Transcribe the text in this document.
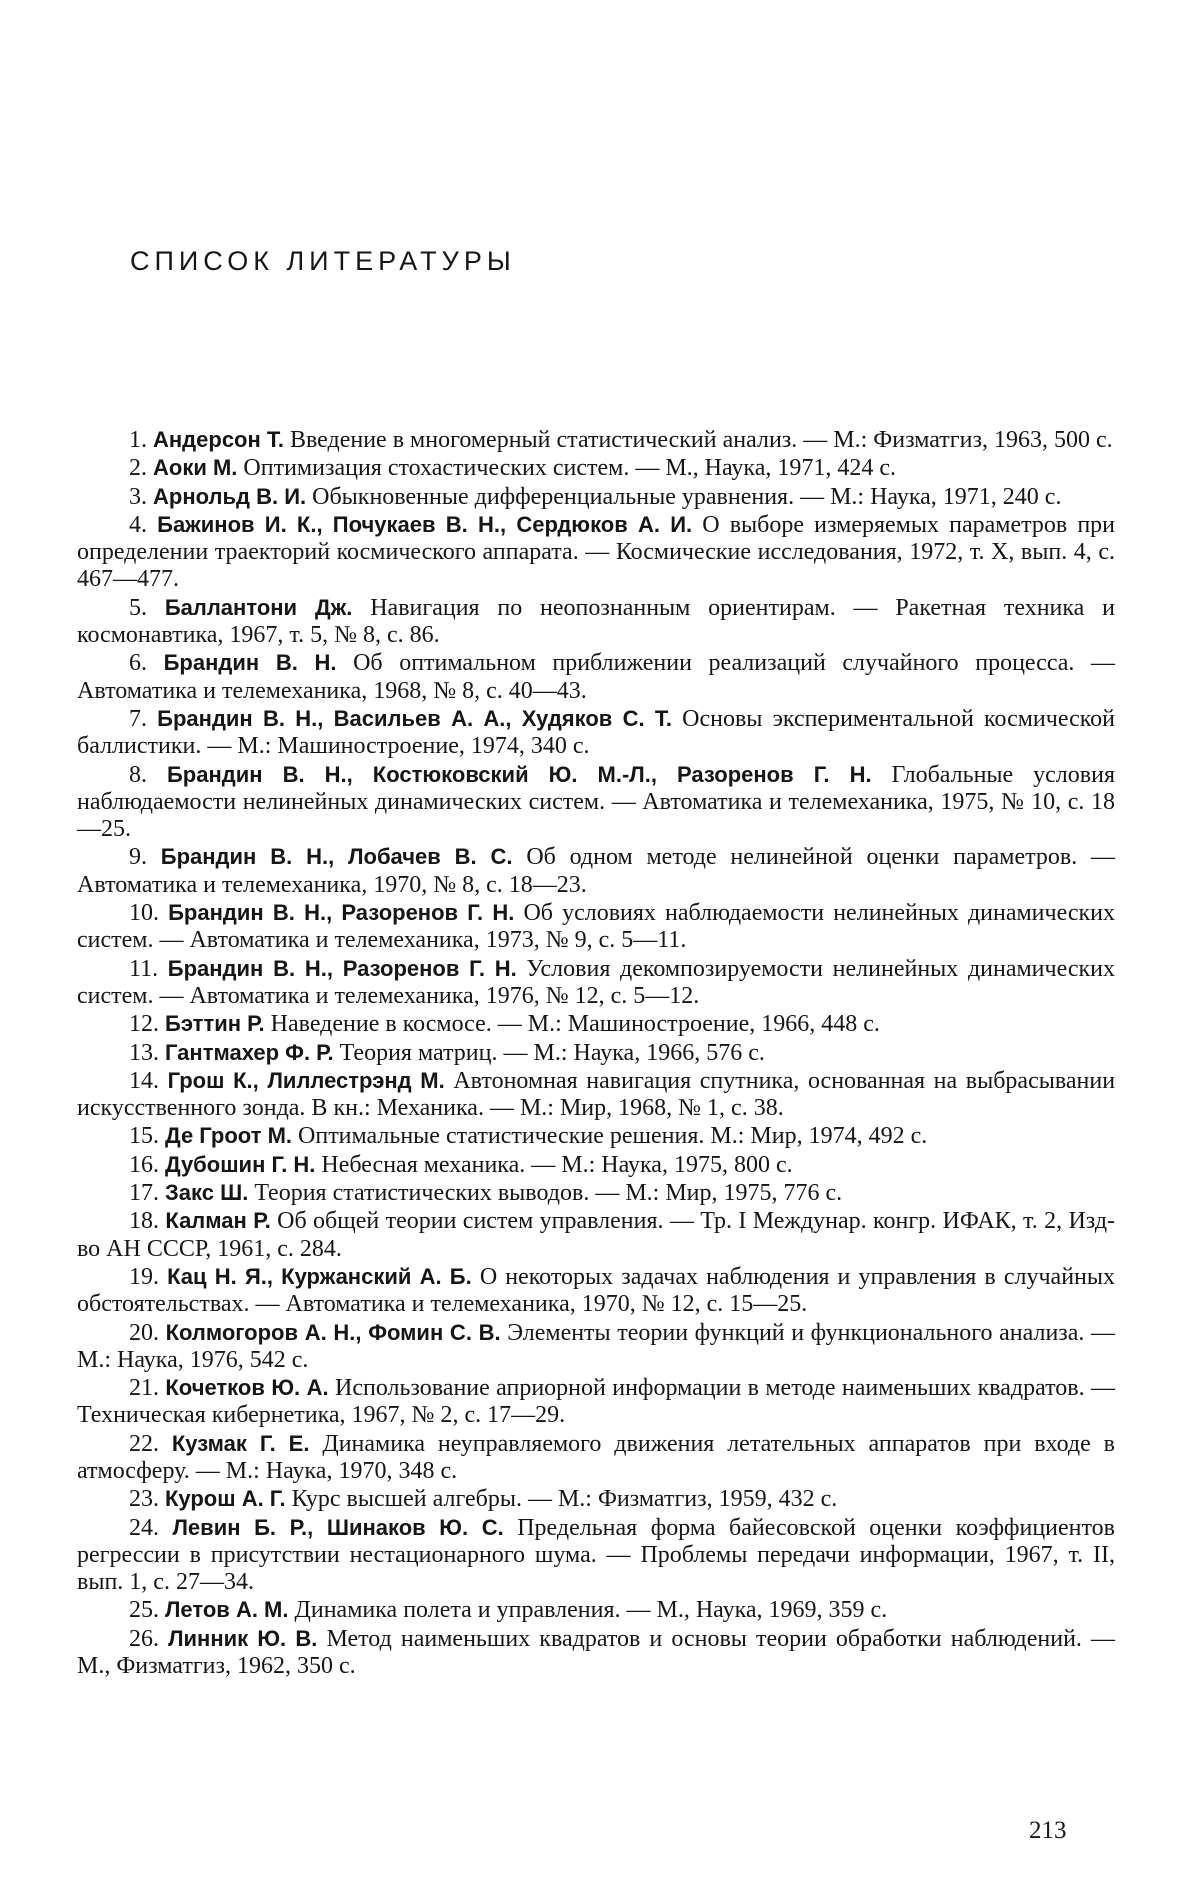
СПИСОК ЛИТЕРАТУРЫ
1. Андерсон Т. Введение в многомерный статистический анализ. — М.: Физматгиз, 1963, 500 с.
2. Аоки М. Оптимизация стохастических систем. — М., Наука, 1971, 424 с.
3. Арнольд В. И. Обыкновенные дифференциальные уравнения. — М.: Наука, 1971, 240 с.
4. Бажинов И. К., Почукаев В. Н., Сердюков А. И. О выборе измеряемых параметров при определении траекторий космического аппарата. — Космические исследования, 1972, т. X, вып. 4, с. 467—477.
5. Баллантони Дж. Навигация по неопознанным ориентирам. — Ракетная техника и космонавтика, 1967, т. 5, № 8, с. 86.
6. Брандин В. Н. Об оптимальном приближении реализаций случайного процесса. — Автоматика и телемеханика, 1968, № 8, с. 40—43.
7. Брандин В. Н., Васильев А. А., Худяков С. Т. Основы экспериментальной космической баллистики. — М.: Машиностроение, 1974, 340 с.
8. Брандин В. Н., Костюковский Ю. М.-Л., Разоренов Г. Н. Глобальные условия наблюдаемости нелинейных динамических систем. — Автоматика и телемеханика, 1975, № 10, с. 18—25.
9. Брандин В. Н., Лобачев В. С. Об одном методе нелинейной оценки параметров. — Автоматика и телемеханика, 1970, № 8, с. 18—23.
10. Брандин В. Н., Разоренов Г. Н. Об условиях наблюдаемости нелинейных динамических систем. — Автоматика и телемеханика, 1973, № 9, с. 5—11.
11. Брандин В. Н., Разоренов Г. Н. Условия декомпозируемости нелинейных динамических систем. — Автоматика и телемеханика, 1976, № 12, с. 5—12.
12. Бэттин Р. Наведение в космосе. — М.: Машиностроение, 1966, 448 с.
13. Гантмахер Ф. Р. Теория матриц. — М.: Наука, 1966, 576 с.
14. Грош К., Лиллестрэнд М. Автономная навигация спутника, основанная на выбрасывании искусственного зонда. В кн.: Механика. — М.: Мир, 1968, № 1, с. 38.
15. Де Гроот М. Оптимальные статистические решения. М.: Мир, 1974, 492 с.
16. Дубошин Г. Н. Небесная механика. — М.: Наука, 1975, 800 с.
17. Закс Ш. Теория статистических выводов. — М.: Мир, 1975, 776 с.
18. Калман Р. Об общей теории систем управления. — Тр. I Междунар. конгр. ИФАК, т. 2, Изд-во АН СССР, 1961, с. 284.
19. Кац Н. Я., Куржанский А. Б. О некоторых задачах наблюдения и управления в случайных обстоятельствах. — Автоматика и телемеханика, 1970, № 12, с. 15—25.
20. Колмогоров А. Н., Фомин С. В. Элементы теории функций и функционального анализа. — М.: Наука, 1976, 542 с.
21. Кочетков Ю. А. Использование априорной информации в методе наименьших квадратов. — Техническая кибернетика, 1967, № 2, с. 17—29.
22. Кузмак Г. Е. Динамика неуправляемого движения летательных аппаратов при входе в атмосферу. — М.: Наука, 1970, 348 с.
23. Курош А. Г. Курс высшей алгебры. — М.: Физматгиз, 1959, 432 с.
24. Левин Б. Р., Шинаков Ю. С. Предельная форма байесовской оценки коэффициентов регрессии в присутствии нестационарного шума. — Проблемы передачи информации, 1967, т. II, вып. 1, с. 27—34.
25. Летов А. М. Динамика полета и управления. — М., Наука, 1969, 359 с.
26. Линник Ю. В. Метод наименьших квадратов и основы теории обработки наблюдений. — М., Физматгиз, 1962, 350 с.
213
